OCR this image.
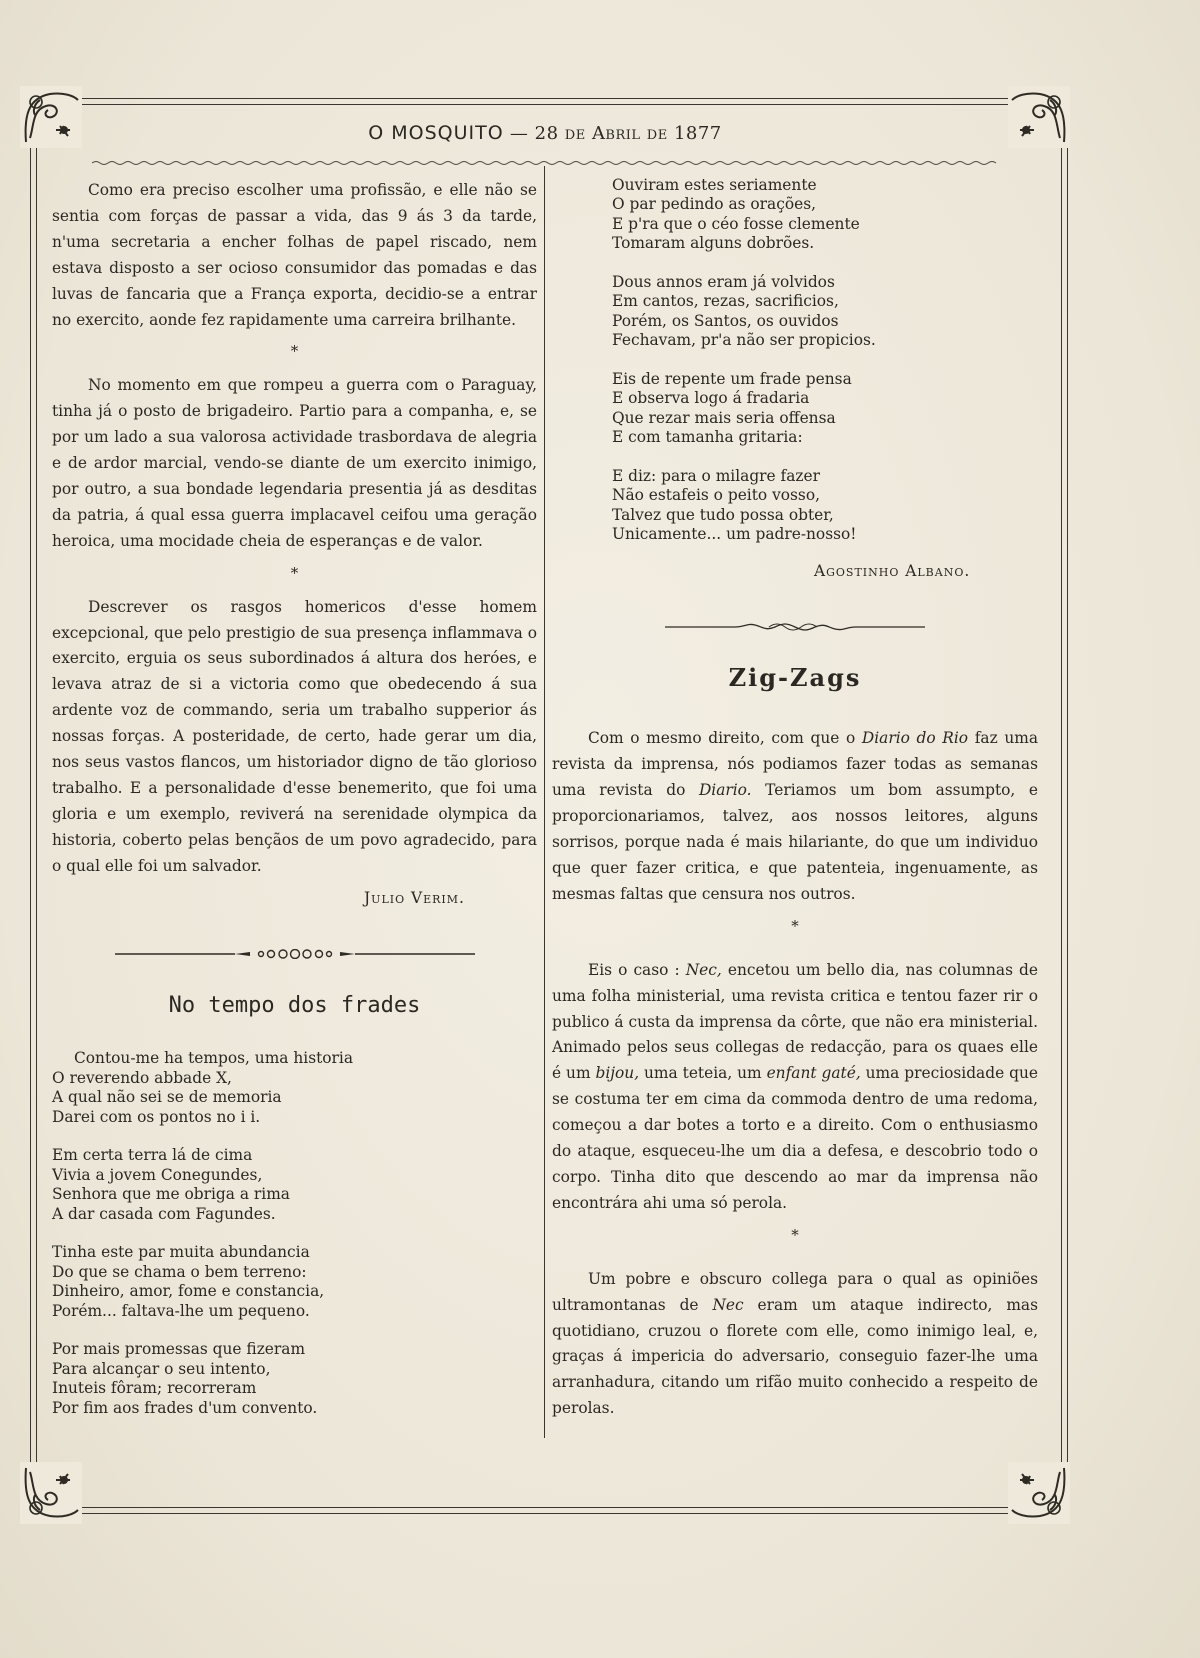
O MOSQUITO — 28 de Abril de 1877

Como era preciso escolher uma profissão, e elle não se sentia com forças de passar a vida, das 9 ás 3 da tarde, n'uma secretaria a encher folhas de papel riscado, nem estava disposto a ser ocioso consumidor das pomadas e das luvas de fancaria que a França exporta, decidio-se a entrar no exercito, aonde fez rapidamente uma carreira brilhante.

*

No momento em que rompeu a guerra com o Paraguay, tinha já o posto de brigadeiro. Partio para a companha, e, se por um lado a sua valorosa actividade trasbordava de alegria e de ardor marcial, vendo-se diante de um exercito inimigo, por outro, a sua bondade legendaria presentia já as desditas da patria, á qual essa guerra implacavel ceifou uma geração heroica, uma mocidade cheia de esperanças e de valor.

*

Descrever os rasgos homericos d'esse homem excepcional, que pelo prestigio de sua presença inflammava o exercito, erguia os seus subordinados á altura dos heróes, e levava atraz de si a victoria como que obedecendo á sua ardente voz de commando, seria um trabalho supperior ás nossas forças. A posteridade, de certo, hade gerar um dia, nos seus vastos flancos, um historiador digno de tão glorioso trabalho. E a personalidade d'esse benemerito, que foi uma gloria e um exemplo, reviverá na serenidade olympica da historia, coberto pelas bençãos de um povo agradecido, para o qual elle foi um salvador.

Julio Verim.
No tempo dos frades
Contou-me ha tempos, uma historia
O reverendo abbade X,
A qual não sei se de memoria
Darei com os pontos no i i.
Em certa terra lá de cima
Vivia a jovem Conegundes,
Senhora que me obriga a rima
A dar casada com Fagundes.
Tinha este par muita abundancia
Do que se chama o bem terreno:
Dinheiro, amor, fome e constancia,
Porém... faltava-lhe um pequeno.
Por mais promessas que fizeram
Para alcançar o seu intento,
Inuteis fôram; recorreram
Por fim aos frades d'um convento.
Ouviram estes seriamente
O par pedindo as orações,
E p'ra que o céo fosse clemente
Tomaram alguns dobrões.
Dous annos eram já volvidos
Em cantos, rezas, sacrificios,
Porém, os Santos, os ouvidos
Fechavam, pr'a não ser propicios.
Eis de repente um frade pensa
E observa logo á fradaria
Que rezar mais seria offensa
E com tamanha gritaria:
E diz: para o milagre fazer
Não estafeis o peito vosso,
Talvez que tudo possa obter,
Unicamente... um padre-nosso!
Agostinho Albano.
Zig-Zags

Com o mesmo direito, com que o Diario do Rio faz uma revista da imprensa, nós podiamos fazer todas as semanas uma revista do Diario. Teriamos um bom assumpto, e proporcionariamos, talvez, aos nossos leitores, alguns sorrisos, porque nada é mais hilariante, do que um individuo que quer fazer critica, e que patenteia, ingenuamente, as mesmas faltas que censura nos outros.

*

Eis o caso : Nec, encetou um bello dia, nas columnas de uma folha ministerial, uma revista critica e tentou fazer rir o publico á custa da imprensa da côrte, que não era ministerial. Animado pelos seus collegas de redacção, para os quaes elle é um bijou, uma teteia, um enfant gaté, uma preciosidade que se costuma ter em cima da commoda dentro de uma redoma, começou a dar botes a torto e a direito. Com o enthusiasmo do ataque, esqueceu-lhe um dia a defesa, e descobrio todo o corpo. Tinha dito que descendo ao mar da imprensa não encontrára ahi uma só perola.

*

Um pobre e obscuro collega para o qual as opiniões ultramontanas de Nec eram um ataque indirecto, mas quotidiano, cruzou o florete com elle, como inimigo leal, e, graças á impericia do adversario, conseguio fazer-lhe uma arranhadura, citando um rifão muito conhecido a respeito de perolas.
